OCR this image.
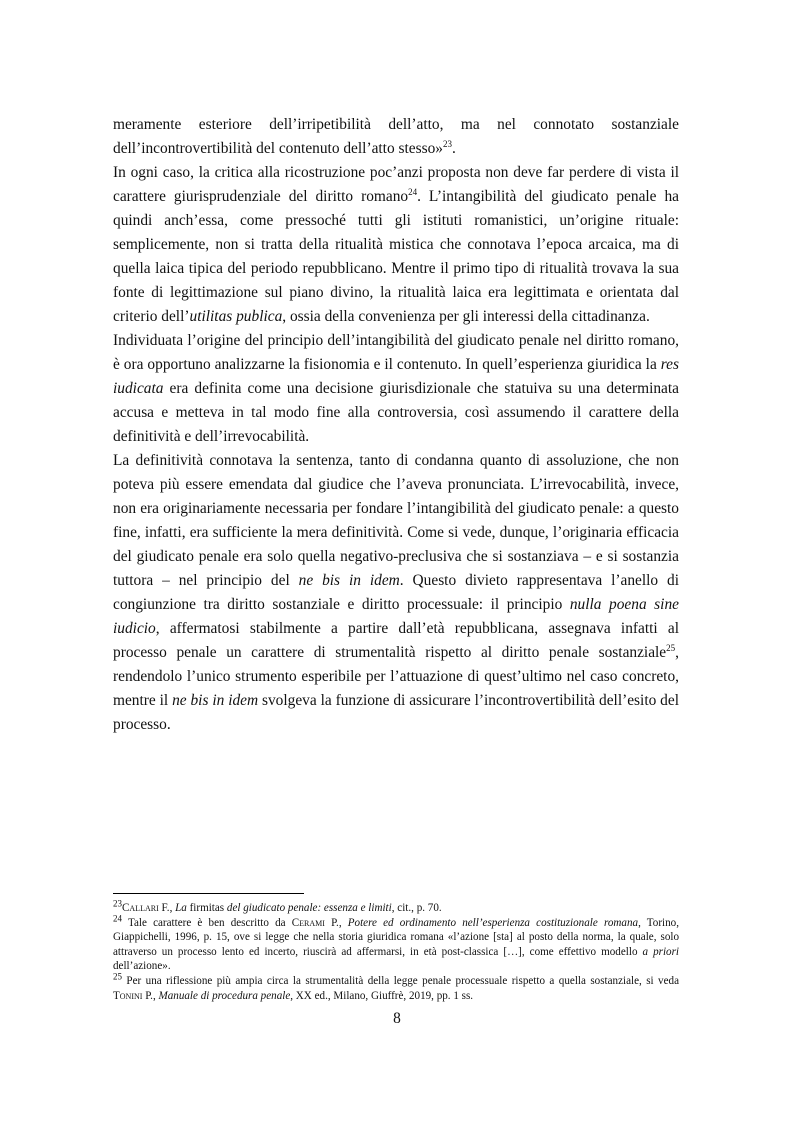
meramente esteriore dell’irripetibilità dell’atto, ma nel connotato sostanziale dell’incontrovertibilità del contenuto dell’atto stesso»$^{23}$.

In ogni caso, la critica alla ricostruzione poc’anzi proposta non deve far perdere di vista il carattere giurisprudenziale del diritto romano$^{24}$. L’intangibilità del giudicato penale ha quindi anch’essa, come pressoché tutti gli istituti romanistici, un’origine rituale: semplicemente, non si tratta della ritualità mistica che connotava l’epoca arcaica, ma di quella laica tipica del periodo repubblicano. Mentre il primo tipo di ritualità trovava la sua fonte di legittimazione sul piano divino, la ritualità laica era legittimata e orientata dal criterio dell’utilitas publica, ossia della convenienza per gli interessi della cittadinanza.

Individuata l’origine del principio dell’intangibilità del giudicato penale nel diritto romano, è ora opportuno analizzarne la fisionomia e il contenuto. In quell’esperienza giuridica la res iudicata era definita come una decisione giurisdizionale che statuiva su una determinata accusa e metteva in tal modo fine alla controversia, così assumendo il carattere della definitività e dell’irrevocabilità.

La definitività connotava la sentenza, tanto di condanna quanto di assoluzione, che non poteva più essere emendata dal giudice che l’aveva pronunciata. L’irrevocabilità, invece, non era originariamente necessaria per fondare l’intangibilità del giudicato penale: a questo fine, infatti, era sufficiente la mera definitività. Come si vede, dunque, l’originaria efficacia del giudicato penale era solo quella negativo-preclusiva che si sostanziava – e si sostanzia tuttora – nel principio del ne bis in idem. Questo divieto rappresentava l’anello di congiunzione tra diritto sostanziale e diritto processuale: il principio nulla poena sine iudicio, affermatosi stabilmente a partire dall’età repubblicana, assegnava infatti al processo penale un carattere di strumentalità rispetto al diritto penale sostanziale$^{25}$, rendendolo l’unico strumento esperibile per l’attuazione di quest’ultimo nel caso concreto, mentre il ne bis in idem svolgeva la funzione di assicurare l’incontrovertibilità dell’esito del processo.

$^{23}$Callari F., La firmitas del giudicato penale: essenza e limiti, cit., p. 70.

$^{24}$ Tale carattere è ben descritto da Cerami P., Potere ed ordinamento nell’esperienza costituzionale romana, Torino, Giappichelli, 1996, p. 15, ove si legge che nella storia giuridica romana «l’azione [sta] al posto della norma, la quale, solo attraverso un processo lento ed incerto, riuscirà ad affermarsi, in età post-classica […], come effettivo modello a priori dell’azione».

$^{25}$ Per una riflessione più ampia circa la strumentalità della legge penale processuale rispetto a quella sostanziale, si veda Tonini P., Manuale di procedura penale, XX ed., Milano, Giuffrè, 2019, pp. 1 ss.

8
